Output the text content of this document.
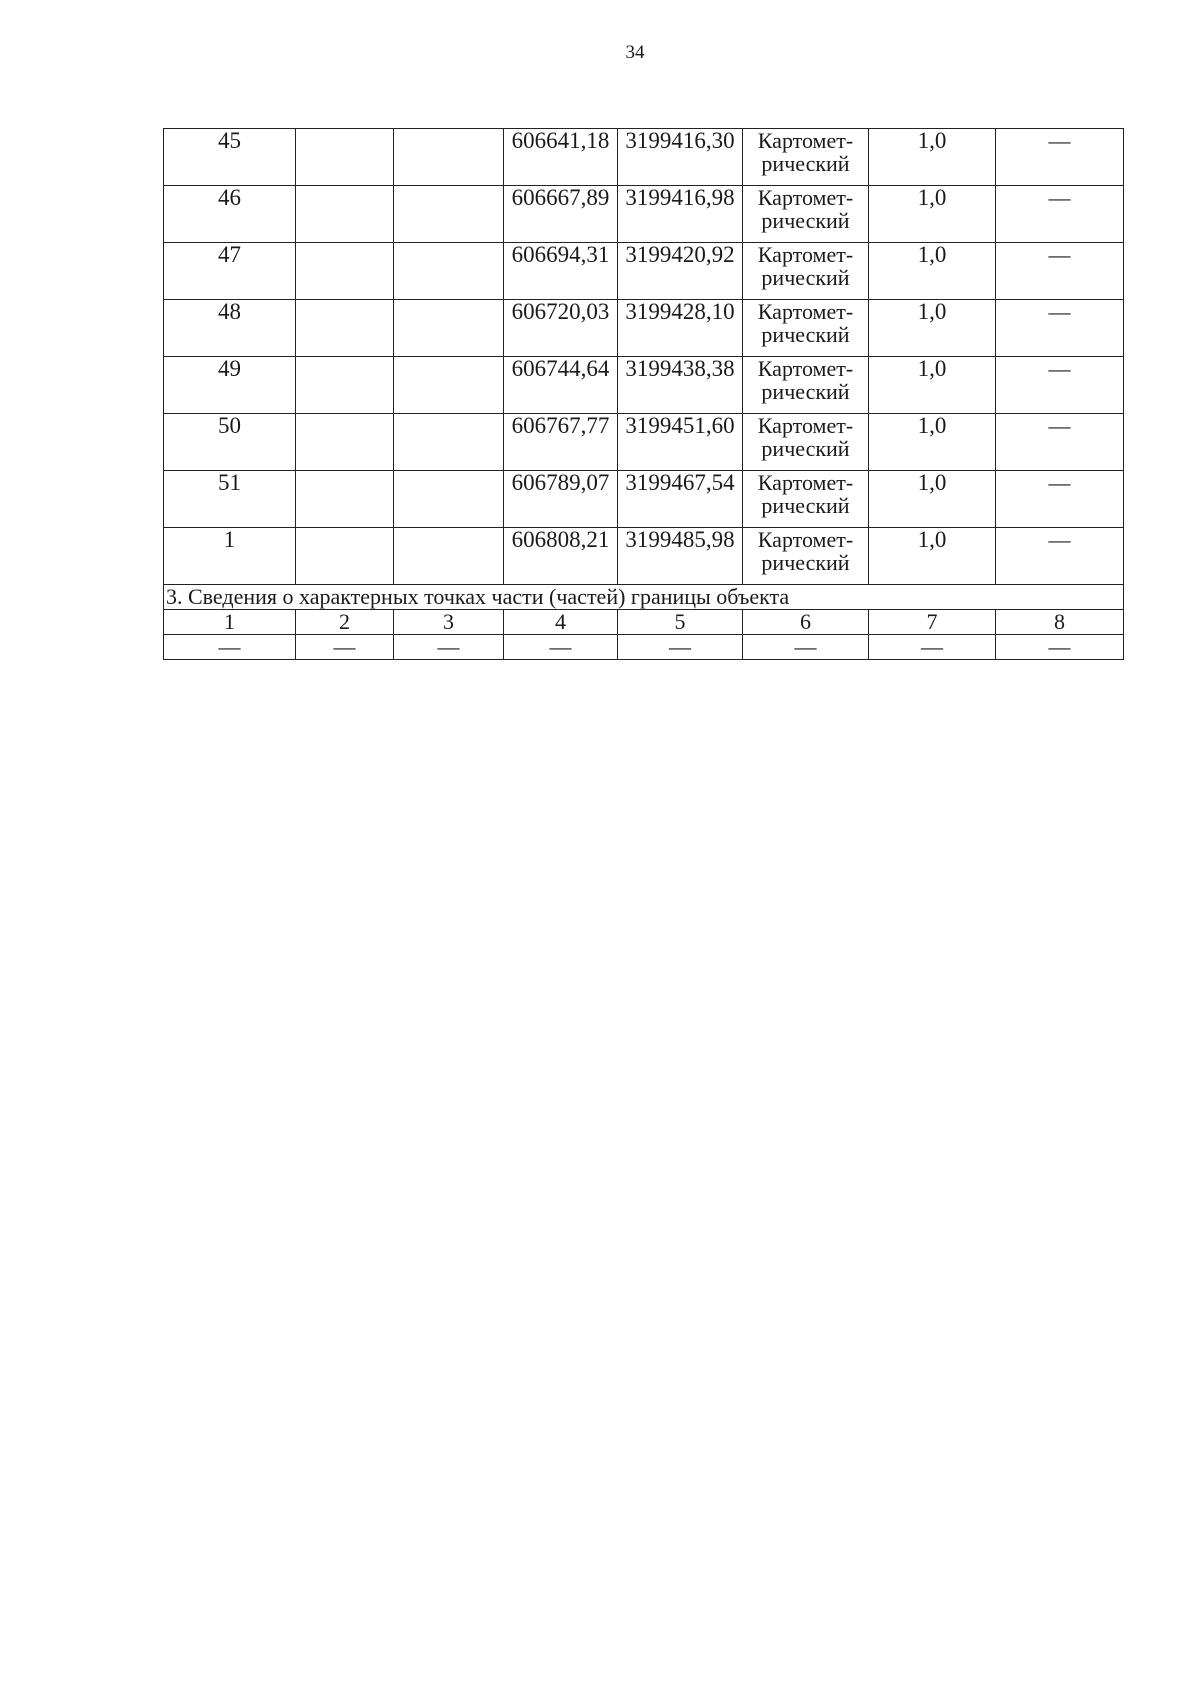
34
45			606641,18	3199416,30	Картомет-
рический	1,0	—
46			606667,89	3199416,98	Картомет-
рический	1,0	—
47			606694,31	3199420,92	Картомет-
рический	1,0	—
48			606720,03	3199428,10	Картомет-
рический	1,0	—
49			606744,64	3199438,38	Картомет-
рический	1,0	—
50			606767,77	3199451,60	Картомет-
рический	1,0	—
51			606789,07	3199467,54	Картомет-
рический	1,0	—
1			606808,21	3199485,98	Картомет-
рический	1,0	—
3. Сведения о характерных точках части (частей) границы объекта							
1	2	3	4	5	6	7	8
—	—	—	—	—	—	—	—
